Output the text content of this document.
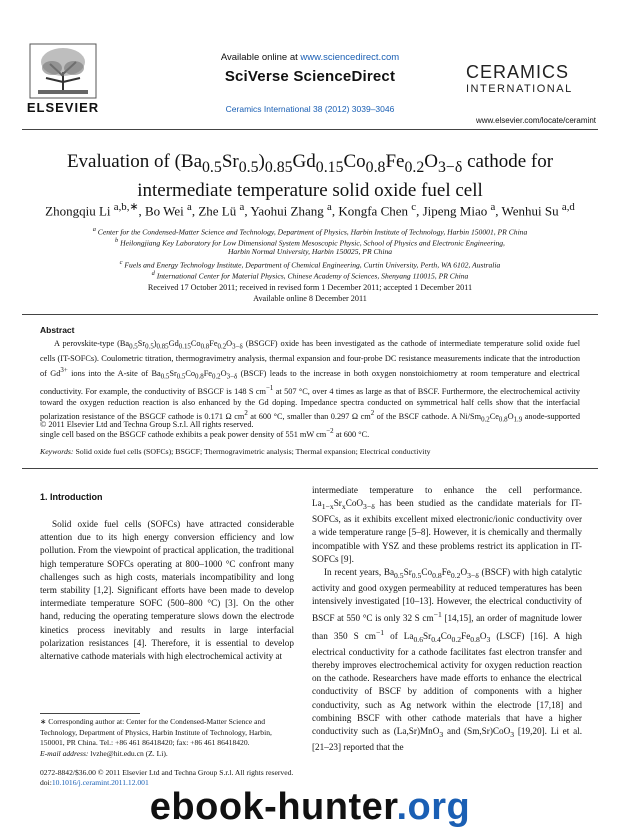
ELSEVIER
Available online at www.sciencedirect.com
SciVerse ScienceDirect
Ceramics International 38 (2012) 3039–3046
CERAMICS
INTERNATIONAL
www.elsevier.com/locate/ceramint
Evaluation of $(Ba_{0.5}Sr_{0.5})_{0.85}Gd_{0.15}Co_{0.8}Fe_{0.2}O_{3-\delta}$ cathode for intermediate temperature solid oxide fuel cell
Zhongqiu Li $^{a,b,∗}$, Bo Wei $^a$, Zhe Lü $^a$, Yaohui Zhang $^a$, Kongfa Chen $^c$, Jipeng Miao $^a$, Wenhui Su $^{a,d}$
$^a$ Center for the Condensed-Matter Science and Technology, Department of Physics, Harbin Institute of Technology, Harbin 150001, PR China
$^b$ Heilongjiang Key Laboratory for Low Dimensional System Mesoscopic Physic, School of Physics and Electronic Engineering,
Harbin Normal University, Harbin 150025, PR China
$^c$ Fuels and Energy Technology Institute, Department of Chemical Engineering, Curtin University, Perth, WA 6102, Australia
$^d$ International Center for Material Physics, Chinese Academy of Sciences, Shenyang 110015, PR China
Received 17 October 2011; received in revised form 1 December 2011; accepted 1 December 2011
Available online 8 December 2011
Abstract
A perovskite-type $(Ba_{0.5}Sr_{0.5})_{0.85}Gd_{0.15}Co_{0.8}Fe_{0.2}O_{3-\delta}$ (BSGCF) oxide has been investigated as the cathode of intermediate temperature solid oxide fuel cells (IT-SOFCs). Coulometric titration, thermogravimetry analysis, thermal expansion and four-probe DC resistance measurements indicate that the introduction of $Gd^{3+}$ ions into the A-site of $Ba_{0.5}Sr_{0.5}Co_{0.8}Fe_{0.2}O_{3-\delta}$ (BSCF) leads to the increase in both oxygen nonstoichiometry at room temperature and electrical conductivity. For example, the conductivity of BSGCF is 148 S $cm^{-1}$ at 507 °C, over 4 times as large as that of BSCF. Furthermore, the electrochemical activity toward the oxygen reduction reaction is also enhanced by the Gd doping. Impedance spectra conducted on symmetrical half cells show that the interfacial polarization resistance of the BSGCF cathode is 0.171 Ω $cm^2$ at 600 °C, smaller than 0.297 Ω $cm^2$ of the BSCF cathode. A $Ni/Sm_{0.2}Ce_{0.8}O_{1.9}$ anode-supported single cell based on the BSGCF cathode exhibits a peak power density of 551 mW $cm^{-2}$ at 600 °C.
© 2011 Elsevier Ltd and Techna Group S.r.l. All rights reserved.
Keywords: Solid oxide fuel cells (SOFCs); BSGCF; Thermogravimetric analysis; Thermal expansion; Electrical conductivity
1. Introduction

Solid oxide fuel cells (SOFCs) have attracted considerable attention due to its high energy conversion efficiency and low pollution. From the viewpoint of practical application, the traditional high temperature SOFCs operating at 800–1000 °C confront many challenges such as high costs, materials incompatibility and long term stability [1,2]. Significant efforts have been made to develop intermediate temperature SOFC (500–800 °C) [3]. On the other hand, reducing the operating temperature slows down the electrode kinetics process inevitably and results in large interfacial polarization resistances [4]. Therefore, it is essential to develop alternative cathode materials with high electrochemical activity at

intermediate temperature to enhance the cell performance. $La_{1-x}Sr_xCoO_{3-\delta}$ has been studied as the candidate materials for IT-SOFCs, as it exhibits excellent mixed electronic/ionic conductivity over a wide temperature range [5–8]. However, it is chemically and thermally incompatible with YSZ and these problems restrict its application in IT-SOFCs [9].

In recent years, $Ba_{0.5}Sr_{0.5}Co_{0.8}Fe_{0.2}O_{3-\delta}$ (BSCF) with high catalytic activity and good oxygen permeability at reduced temperatures has been intensively investigated [10–13]. However, the electrical conductivity of BSCF at 550 °C is only 32 S $cm^{-1}$ [14,15], an order of magnitude lower than 350 S $cm^{-1}$ of $La_{0.6}Sr_{0.4}Co_{0.2}Fe_{0.8}O_3$ (LSCF) [16]. A high electrical conductivity for a cathode facilitates fast electron transfer and thereby improves electrochemical activity for oxygen reduction reaction on the cathode. Researchers have made efforts to enhance the electrical conductivity of BSCF by addition of components with a higher conductivity, such as Ag network within the electrode [17,18] and combining BSCF with other cathode materials that have a higher conductivity such as (La,Sr)MnO$_3$ and (Sm,Sr)CoO$_3$ [19,20]. Li et al. [21–23] reported that the

∗ Corresponding author at: Center for the Condensed-Matter Science and Technology, Department of Physics, Harbin Institute of Technology, Harbin, 150001, PR China. Tel.: +86 461 86418420; fax: +86 461 86418420.
E-mail address: lvzhe@hit.edu.cn (Z. Li).
0272-8842/$36.00 © 2011 Elsevier Ltd and Techna Group S.r.l. All rights reserved.
doi:10.1016/j.ceramint.2011.12.001
ebook-hunter.org
